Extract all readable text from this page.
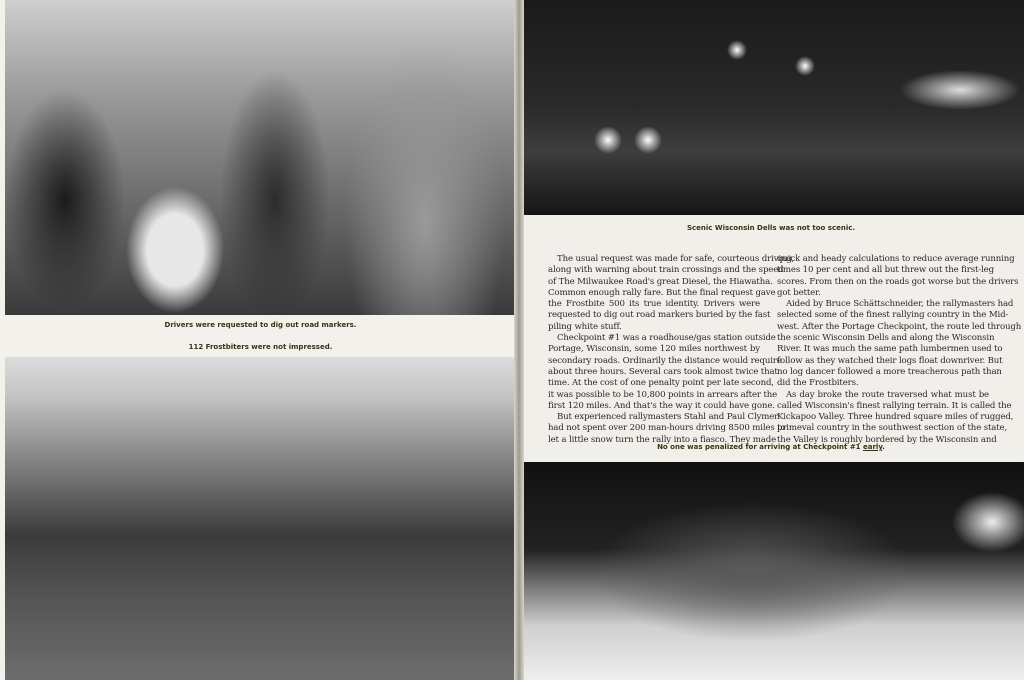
Drivers were requested to dig out road markers.
112 Frostbiters were not impressed.
Scenic Wisconsin Dells was not too scenic.
The usual request was made for safe, courteous driving,
along with warning about train crossings and the speed
of The Milwaukee Road's great Diesel, the Hiawatha.
Common enough rally fare. But the final request gave
the Frostbite 500 its true identity. Drivers were
requested to dig out road markers buried by the fast
piling white stuff.
Checkpoint #1 was a roadhouse/gas station outside
Portage, Wisconsin, some 120 miles northwest by
secondary roads. Ordinarily the distance would require
about three hours. Several cars took almost twice that
time. At the cost of one penalty point per late second,
it was possible to be 10,800 points in arrears after the
first 120 miles. And that's the way it could have gone.
But experienced rallymasters Stahl and Paul Clymer
had not spent over 200 man-hours driving 8500 miles to
let a little snow turn the rally into a fiasco. They made
quick and heady calculations to reduce average running
times 10 per cent and all but threw out the first-leg
scores. From then on the roads got worse but the drivers
got better.
Aided by Bruce Schättschneider, the rallymasters had
selected some of the finest rallying country in the Mid-
west. After the Portage Checkpoint, the route led through
the scenic Wisconsin Dells and along the Wisconsin
River. It was much the same path lumbermen used to
follow as they watched their logs float downriver. But
no log dancer followed a more treacherous path than
did the Frostbiters.
As day broke the route traversed what must be
called Wisconsin's finest rallying terrain. It is called the
Kickapoo Valley. Three hundred square miles of rugged,
primeval country in the southwest section of the state,
the Valley is roughly bordered by the Wisconsin and
No one was penalized for arriving at Checkpoint #1 early.
